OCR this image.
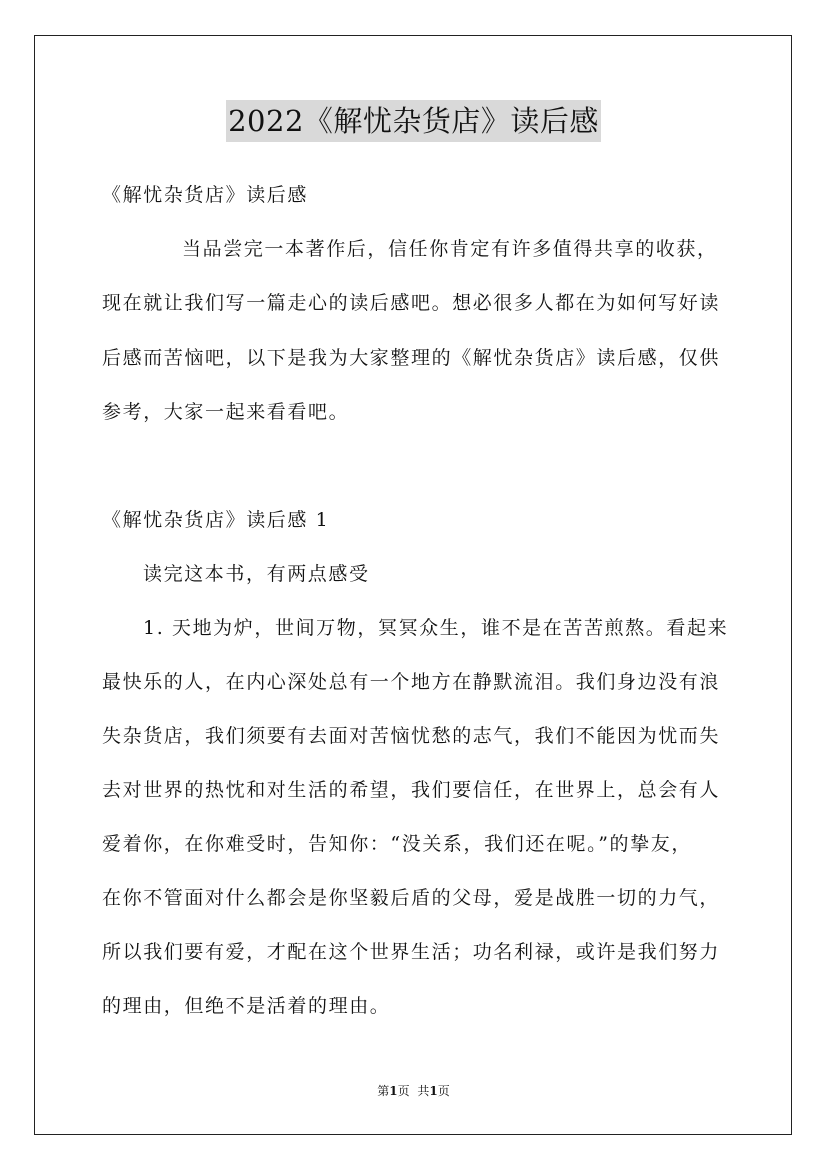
2022《解忧杂货店》读后感

《解忧杂货店》读后感

当品尝完一本著作后，信任你肯定有许多值得共享的收获，

现在就让我们写一篇走心的读后感吧。想必很多人都在为如何写好读

后感而苦恼吧，以下是我为大家整理的《解忧杂货店》读后感，仅供

参考，大家一起来看看吧。

《解忧杂货店》读后感 1

读完这本书，有两点感受

1. 天地为炉，世间万物，冥冥众生，谁不是在苦苦煎熬。看起来

最快乐的人，在内心深处总有一个地方在静默流泪。我们身边没有浪

失杂货店，我们须要有去面对苦恼忧愁的志气，我们不能因为忧而失

去对世界的热忱和对生活的希望，我们要信任，在世界上，总会有人

爱着你，在你难受时，告知你：“没关系，我们还在呢。”的挚友，

在你不管面对什么都会是你坚毅后盾的父母，爱是战胜一切的力气，

所以我们要有爱，才配在这个世界生活；功名利禄，或许是我们努力

的理由，但绝不是活着的理由。

第1页 共1页
